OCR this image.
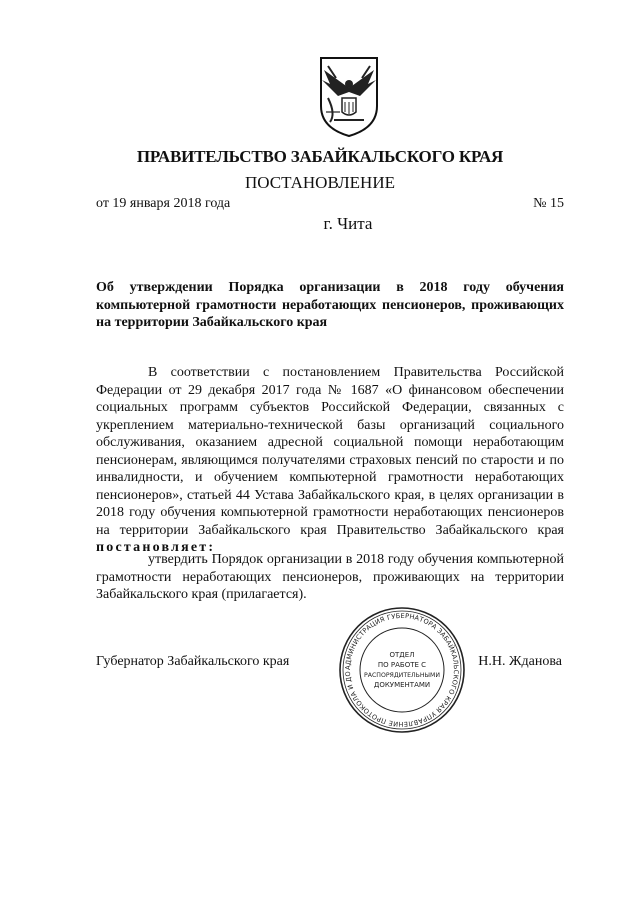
ПРАВИТЕЛЬСТВО ЗАБАЙКАЛЬСКОГО КРАЯ
ПОСТАНОВЛЕНИЕ
от 19 января 2018 года	№ 15
г. Чита
Об утверждении Порядка организации в 2018 году обучения компьютерной грамотности неработающих пенсионеров, проживающих на территории Забайкальского края
В соответствии с постановлением Правительства Российской Федерации от 29 декабря 2017 года № 1687 «О финансовом обеспечении социальных программ субъектов Российской Федерации, связанных с укреплением материально-технической базы организаций социального обслуживания, оказанием адресной социальной помощи неработающим пенсионерам, являющимся получателями страховых пенсий по старости и по инвалидности, и обучением компьютерной грамотности неработающих пенсионеров», статьей 44 Устава Забайкальского края, в целях организации в 2018 году обучения компьютерной грамотности неработающих пенсионеров на территории Забайкальского края Правительство Забайкальского края постановляет:
утвердить Порядок организации в 2018 году обучения компьютерной грамотности неработающих пенсионеров, проживающих на территории Забайкальского края (прилагается).
Губернатор Забайкальского края	Н.Н. Жданова
АДМИНИСТРАЦИЯ ГУБЕРНАТОРА ЗАБАЙКАЛЬСКОГО КРАЯ УПРАВЛЕНИЕ ПРОТОКОЛА И ДО
ОТДЕЛ
ПО РАБОТЕ С
РАСПОРЯДИТЕЛЬНЫМИ
ДОКУМЕНТАМИ
